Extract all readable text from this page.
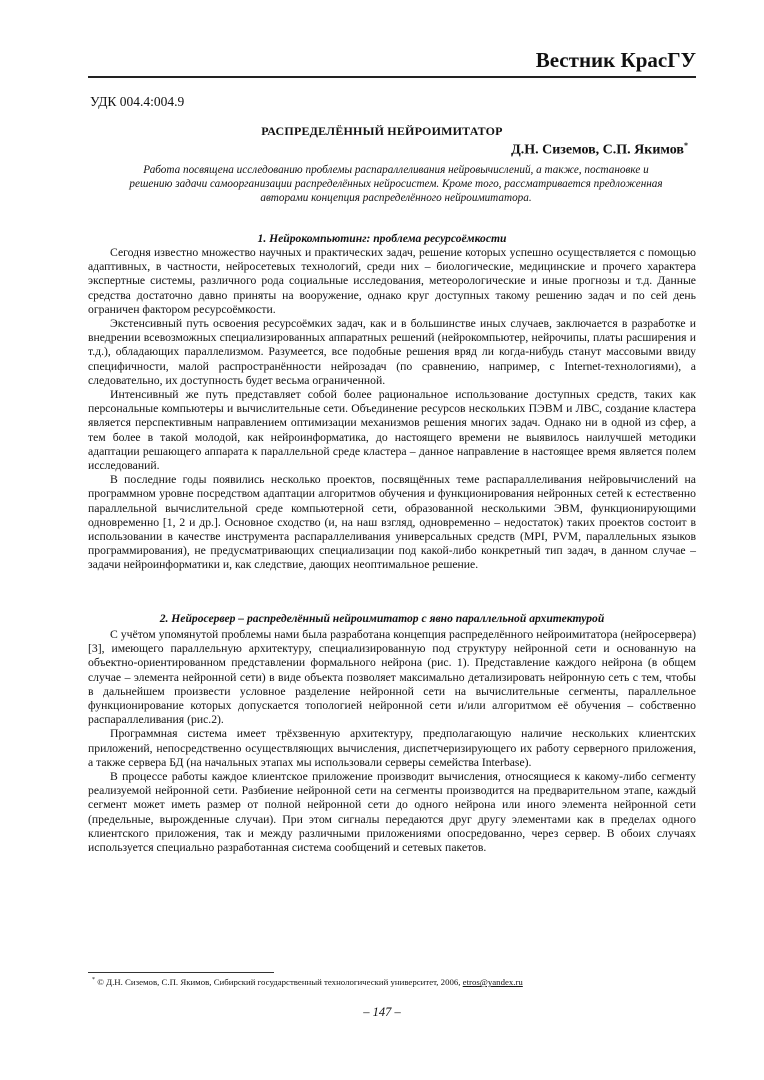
Вестник КрасГУ
УДК 004.4:004.9
РАСПРЕДЕЛЁННЫЙ НЕЙРОИМИТАТОР
Д.Н. Сиземов, С.П. Якимов*
Работа посвящена исследованию проблемы распараллеливания нейровычислений, а также, постановке и решению задачи самоорганизации распределённых нейросистем. Кроме того, рассматривается предложенная авторами концепция распределённого нейроимитатора.
1. Нейрокомпьютинг: проблема ресурсоёмкости

Сегодня известно множество научных и практических задач, решение которых успешно осуществляется с помощью адаптивных, в частности, нейросетевых технологий, среди них – биологические, медицинские и прочего характера экспертные системы, различного рода социальные исследования, метеорологические и иные прогнозы и т.д. Данные средства достаточно давно приняты на вооружение, однако круг доступных такому решению задач и по сей день ограничен фактором ресурсоёмкости.

Экстенсивный путь освоения ресурсоёмких задач, как и в большинстве иных случаев, заключается в разработке и внедрении всевозможных специализированных аппаратных решений (нейрокомпьютер, нейрочипы, платы расширения и т.д.), обладающих параллелизмом. Разумеется, все подобные решения вряд ли когда-нибудь станут массовыми ввиду специфичности, малой распространённости нейрозадач (по сравнению, например, с Internet-технологиями), а следовательно, их доступность будет весьма ограниченной.

Интенсивный же путь представляет собой более рациональное использование доступных средств, таких как персональные компьютеры и вычислительные сети. Объединение ресурсов нескольких ПЭВМ и ЛВС, создание кластера является перспективным направлением оптимизации механизмов решения многих задач. Однако ни в одной из сфер, а тем более в такой молодой, как нейроинформатика, до настоящего времени не выявилось наилучшей методики адаптации решающего аппарата к параллельной среде кластера – данное направление в настоящее время является полем исследований.

В последние годы появились несколько проектов, посвящённых теме распараллеливания нейровычислений на программном уровне посредством адаптации алгоритмов обучения и функционирования нейронных сетей к естественно параллельной вычислительной среде компьютерной сети, образованной несколькими ЭВМ, функционирующими одновременно [1, 2 и др.]. Основное сходство (и, на наш взгляд, одновременно – недостаток) таких проектов состоит в использовании в качестве инструмента распараллеливания универсальных средств (MPI, PVM, параллельных языков программирования), не предусматривающих специализации под какой-либо конкретный тип задач, в данном случае – задачи нейроинформатики и, как следствие, дающих неоптимальное решение.

2. Нейросервер – распределённый нейроимитатор с явно параллельной архитектурой

С учётом упомянутой проблемы нами была разработана концепция распределённого нейроимитатора (нейросервера) [3], имеющего параллельную архитектуру, специализированную под структуру нейронной сети и основанную на объектно-ориентированном представлении формального нейрона (рис. 1). Представление каждого нейрона (в общем случае – элемента нейронной сети) в виде объекта позволяет максимально детализировать нейронную сеть с тем, чтобы в дальнейшем произвести условное разделение нейронной сети на вычислительные сегменты, параллельное функционирование которых допускается топологией нейронной сети и/или алгоритмом её обучения – собственно распараллеливания (рис.2).

Программная система имеет трёхзвенную архитектуру, предполагающую наличие нескольких клиентских приложений, непосредственно осуществляющих вычисления, диспетчеризирующего их работу серверного приложения, а также сервера БД (на начальных этапах мы использовали серверы семейства Interbase).

В процессе работы каждое клиентское приложение производит вычисления, относящиеся к какому-либо сегменту реализуемой нейронной сети. Разбиение нейронной сети на сегменты производится на предварительном этапе, каждый сегмент может иметь размер от полной нейронной сети до одного нейрона или иного элемента нейронной сети (предельные, вырожденные случаи). При этом сигналы передаются друг другу элементами как в пределах одного клиентского приложения, так и между различными приложениями опосредованно, через сервер. В обоих случаях используется специально разработанная система сообщений и сетевых пакетов.

* © Д.Н. Сиземов, С.П. Якимов, Сибирский государственный технологический университет, 2006, etros@yandex.ru
– 147 –
